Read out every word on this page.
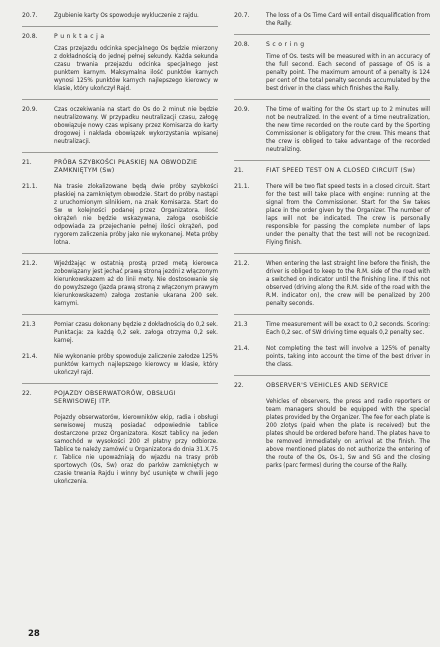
20.7.	Zgubienie karty Os spowoduje wykluczenie z rajdu.
20.8.	P u n k t a c j a
Czas przejazdu odcinka specjalnego Os będzie mierzony z dokładnością do jednej pełnej sekundy. Każda sekunda czasu trwania przejazdu odcinka specjalnego jest punktem karnym. Maksymalna ilość punktów karnych wynosi 125% punktów karnych najlepszego kierowcy w klasie, który ukończył Rajd.
20.9.	Czas oczekiwania na start do Os do 2 minut nie będzie neutralizowany. W przypadku neutralizacji czasu, załogę obowiązuje nowy czas wpisany przez Komisarza do karty drogowej i nakłada obowiązek wykorzystania wpisanej neutralizacji.
21.	PRÓBA SZYBKOŚCI PŁASKIEJ NA OBWODZIE ZAMKNIĘTYM (Sw)
21.1.	Na trasie zlokalizowane będą dwie próby szybkości płaskiej na zamkniętym obwodzie. Start do próby nastąpi z uruchomionym silnikiem, na znak Komisarza. Start do Sw w kolejności podanej przez Organizatora. Ilość okrążeń nie będzie wskazywana, załoga osobiście odpowiada za przejechanie pełnej ilości okrążeń, pod rygorem zaliczenia próby jako nie wykonanej. Meta próby lotna.
21.2.	Wjeżdżając w ostatnią prostą przed metą kierowca zobowiązany jest jechać prawą stroną jezdni z włączonym kierunkowskazem aż do linii mety. Nie dostosowanie się do powyższego (jazda prawą stroną z włączonym prawym kierunkowskazem) załoga zostanie ukarana 200 sek. karnymi.
21.3	Pomiar czasu dokonany będzie z dokładnością do 0,2 sek. Punktacja: za każdą 0,2 sek. załoga otrzyma 0,2 sek. karnej.
21.4.	Nie wykonanie próby spowoduje zaliczenie załodze 125% punktów karnych najlepszego kierowcy w klasie, który ukończył rajd.
22.	POJAZDY OBSERWATORÓW, OBSŁUGI SERWISOWEJ ITP.
Pojazdy obserwatorów, kierowników ekip, radia i obsługi serwisowej muszą posiadać odpowiednie tablice dostarczone przez Organizatora. Koszt tablicy na jeden samochód w wysokości 200 zł płatny przy odbiorze. Tablice te należy zamówić u Organizatora do dnia 31.X.75 r. Tablice nie upoważniają do wjazdu na trasy prób sportowych (Os, Sw) oraz do parków zamkniętych w czasie trwania Rajdu i winny być usunięte w chwili jego ukończenia.
20.7.	The loss of a Os Time Card will entail disqualification from the Rally.
20.8.	S c o r i n g
Time of Os. tests will be measured with in an accuracy of the full second. Each second of passage of OS is a penalty point. The maximum amount of a penalty is 124 per cent of the total penalty seconds accumulated by the best driver in the class which finishes the Rally.
20.9.	The time of waiting for the Os start up to 2 minutes will not be neutralized. In the event of a time neutralization, the new time recorded on the route card by the Sporting Commissioner is obligatory for the crew. This means that the crew is obliged to take advantage of the recorded neutralizing.
21.	FIAT SPEED TEST ON A CLOSED CIRCUIT (Sw)
21.1.	There will be two flat speed tests in a closed circuit. Start for the test will take place with engine: running at the signal from the Commissioner. Start for the Sw takes place in the order given by the Organizer. The number of laps will not be indicated. The crew is personally responsible for passing the complete number of laps under the penalty that the test will not be recognized. Flying finish.
21.2.	When entering the last straight line before the finish, the driver is obliged to keep to the R.M. side of the road with a switched on indicator until the finishing line. If this not observed (driving along the R.M. side of the road with the R.M. indicator on), the crew will be penalized by 200 penalty seconds.
21.3	Time measurement will be exact to 0,2 seconds. Scoring: Each 0,2 sec. of SW driving time equals 0,2 penalty sec.
21.4.	Not completing the test will involve a 125% of penalty points, taking into account the time of the best driver in the class.
22.	OBSERVER'S VEHICLES AND SERVICE
Vehicles of observers, the press and radio reporters or team managers should be equipped with the special plates provided by the Organizer. The fee for each plate is 200 zlotys (paid when the plate is received) but the plates should be ordered before hand. The plates have to be removed immediately on arrival at the finish. The above mentioned plates do not authorize the entering of the route of the Os, Os-1, Sw and SG and the closing parks (parc fermes) during the course of the Rally.
28
